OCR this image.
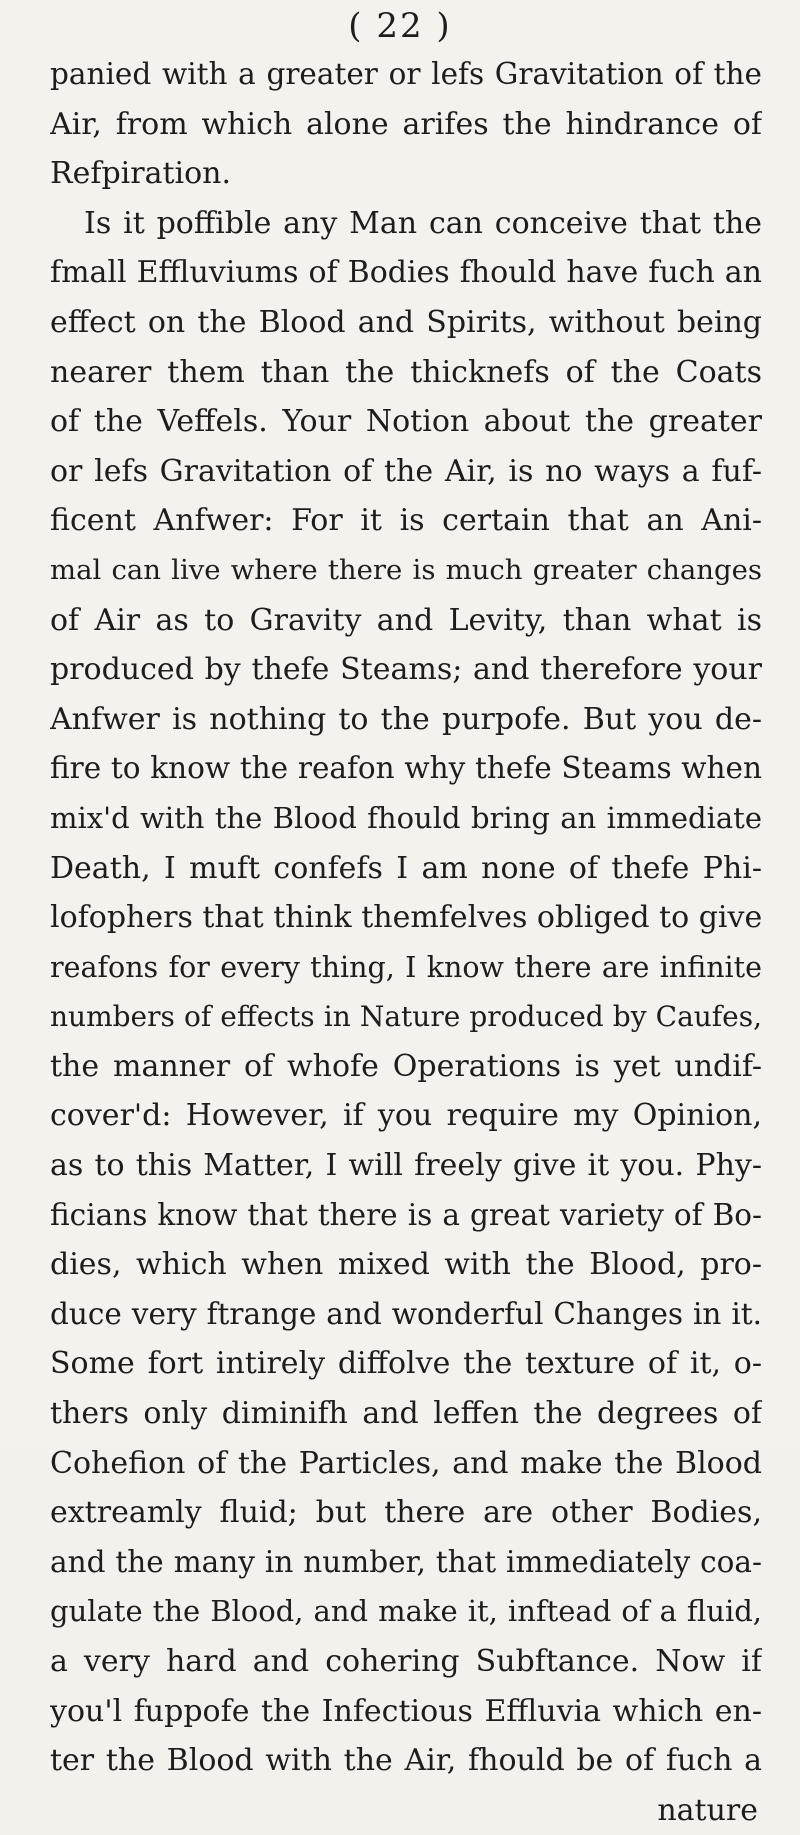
( 22 )
panied with a greater or lefs Gravitation of the
Air, from which alone arifes the hindrance of
Refpiration.
Is it poffible any Man can conceive that the
fmall Effluviums of Bodies fhould have fuch an
effect on the Blood and Spirits, without being
nearer them than the thicknefs of the Coats
of the Veffels. Your Notion about the greater
or lefs Gravitation of the Air, is no ways a fuf-
ficent Anfwer: For it is certain that an Ani-
mal can live where there is much greater changes
of Air as to Gravity and Levity, than what is
produced by thefe Steams; and therefore your
Anfwer is nothing to the purpofe. But you de-
fire to know the reafon why thefe Steams when
mix'd with the Blood fhould bring an immediate
Death, I muft confefs I am none of thefe Phi-
lofophers that think themfelves obliged to give
reafons for every thing, I know there are infinite
numbers of effects in Nature produced by Caufes,
the manner of whofe Operations is yet undif-
cover'd: However, if you require my Opinion,
as to this Matter, I will freely give it you. Phy-
ficians know that there is a great variety of Bo-
dies, which when mixed with the Blood, pro-
duce very ftrange and wonderful Changes in it.
Some fort intirely diffolve the texture of it, o-
thers only diminifh and leffen the degrees of
Cohefion of the Particles, and make the Blood
extreamly fluid; but there are other Bodies,
and the many in number, that immediately coa-
gulate the Blood, and make it, inftead of a fluid,
a very hard and cohering Subftance. Now if
you'l fuppofe the Infectious Effluvia which en-
ter the Blood with the Air, fhould be of fuch a
nature
